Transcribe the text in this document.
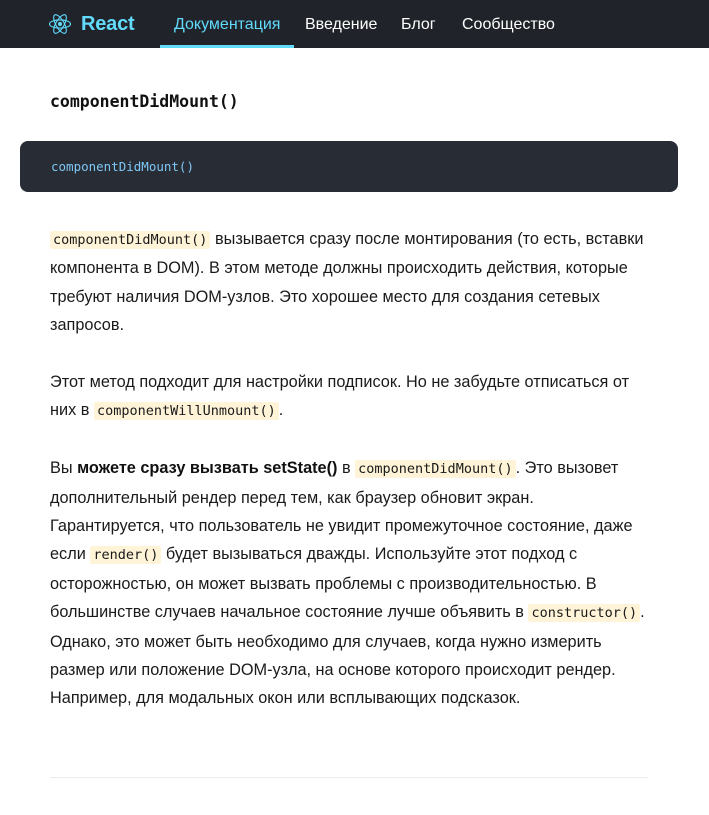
React Документация Введение Блог Сообщество
componentDidMount()
componentDidMount()

componentDidMount() вызывается сразу после монтирования (то есть, вставки компонента в DOM). В этом методе должны происходить действия, которые требуют наличия DOM-узлов. Это хорошее место для создания сетевых запросов.

Этот метод подходит для настройки подписок. Но не забудьте отписаться от них в componentWillUnmount() .

Вы можете сразу вызвать setState() в componentDidMount() . Это вызовет дополнительный рендер перед тем, как браузер обновит экран. Гарантируется, что пользователь не увидит промежуточное состояние, даже если render() будет вызываться дважды. Используйте этот подход с осторожностью, он может вызвать проблемы с производительностью. В большинстве случаев начальное состояние лучше объявить в constructor() . Однако, это может быть необходимо для случаев, когда нужно измерить размер или положение DOM-узла, на основе которого происходит рендер. Например, для модальных окон или всплывающих подсказок.
